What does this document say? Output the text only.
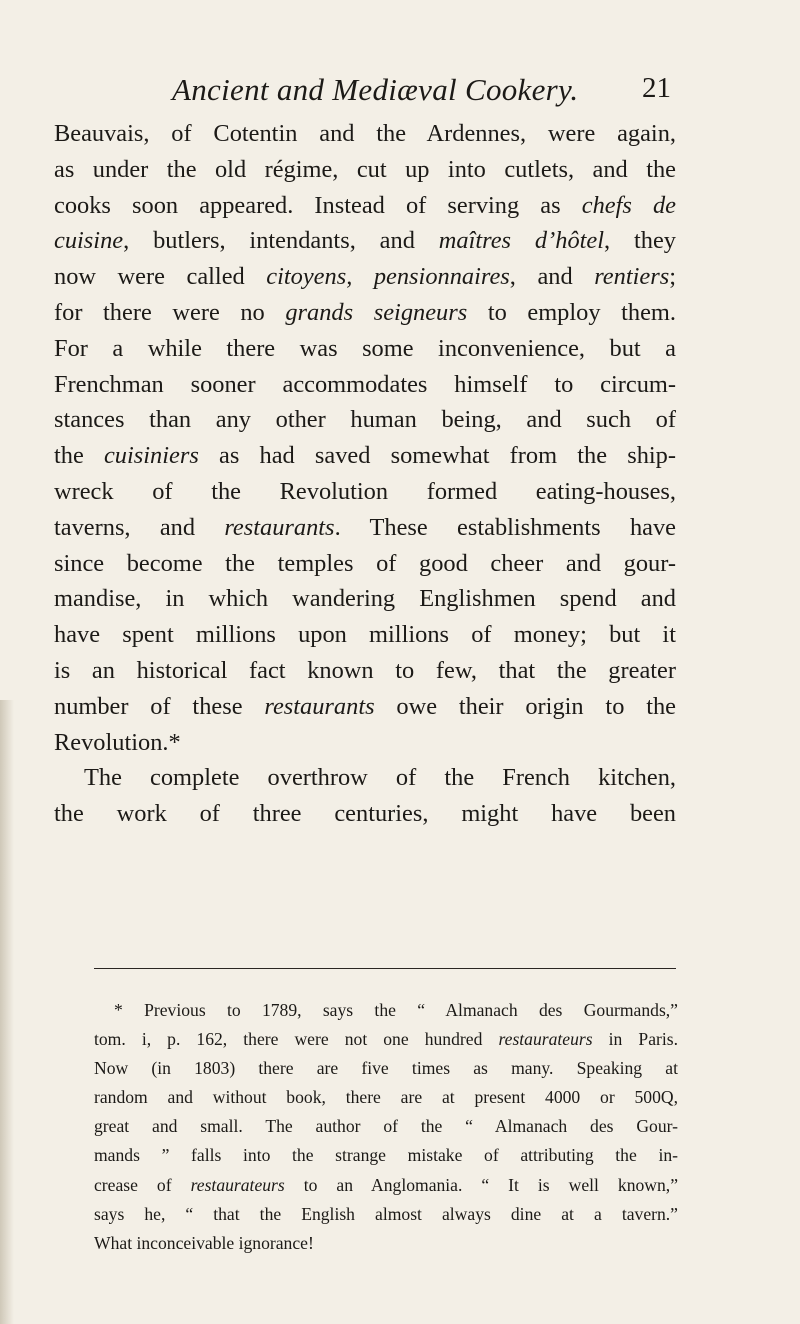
Ancient and Mediæval Cookery. 21
Beauvais, of Cotentin and the Ardennes, were again,
as under the old régime, cut up into cutlets, and the
cooks soon appeared. Instead of serving as chefs de
cuisine, butlers, intendants, and maîtres d’hôtel, they
now were called citoyens, pensionnaires, and rentiers;
for there were no grands seigneurs to employ them.
For a while there was some inconvenience, but a
Frenchman sooner accommodates himself to circum-
stances than any other human being, and such of
the cuisiniers as had saved somewhat from the ship-
wreck of the Revolution formed eating-houses,
taverns, and restaurants. These establishments have
since become the temples of good cheer and gour-
mandise, in which wandering Englishmen spend and
have spent millions upon millions of money; but it
is an historical fact known to few, that the greater
number of these restaurants owe their origin to the
Revolution.*
The complete overthrow of the French kitchen,
the work of three centuries, might have been
* Previous to 1789, says the “ Almanach des Gourmands,”
tom. i, p. 162, there were not one hundred restaurateurs in Paris.
Now (in 1803) there are five times as many. Speaking at
random and without book, there are at present 4000 or 500Q,
great and small. The author of the “ Almanach des Gour-
mands ” falls into the strange mistake of attributing the in-
crease of restaurateurs to an Anglomania. “ It is well known,”
says he, “ that the English almost always dine at a tavern.”
What inconceivable ignorance!
